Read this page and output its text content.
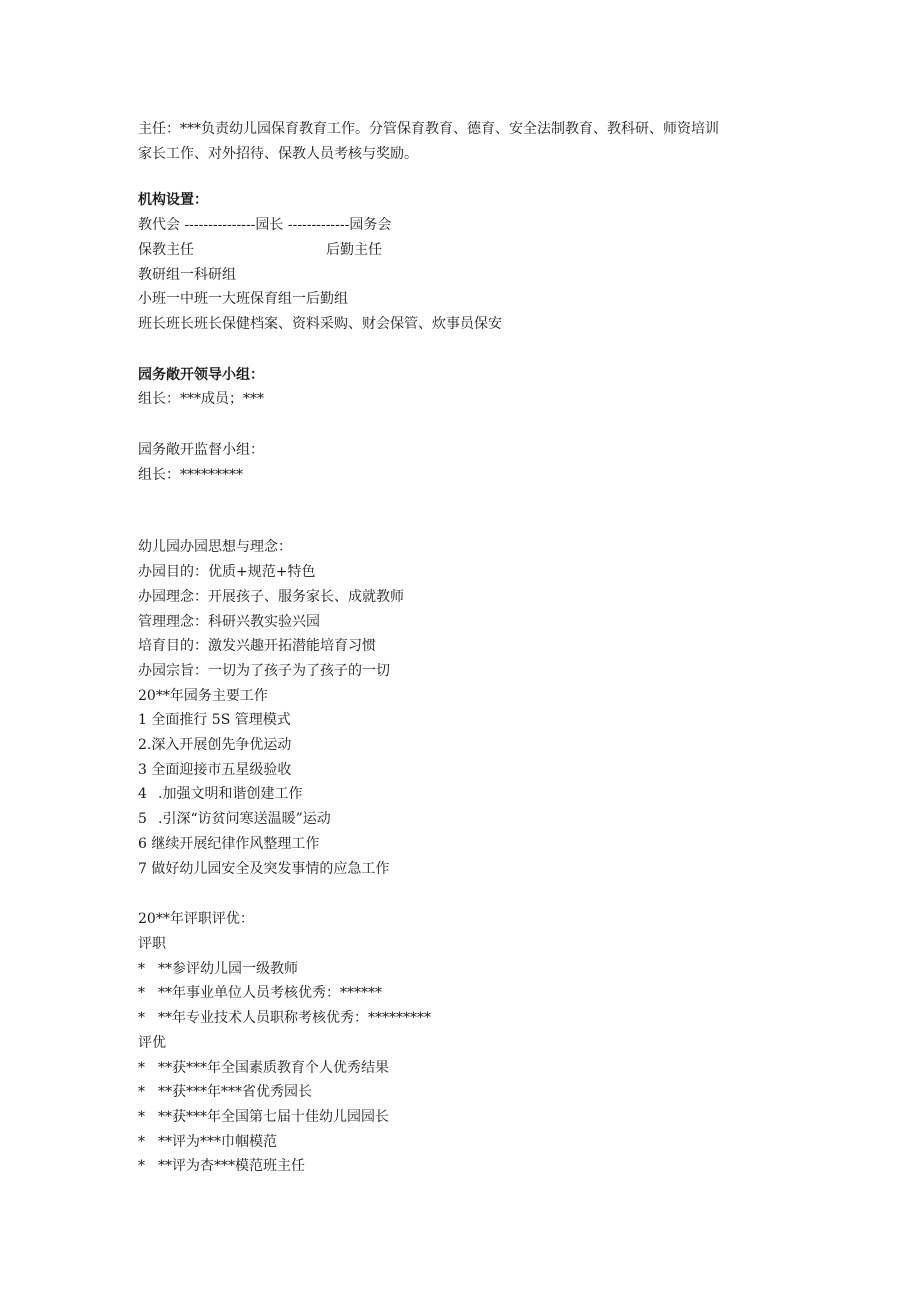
主任：***负责幼儿园保育教育工作。分管保育教育、德育、安全法制教育、教科研、师资培训
家长工作、对外招待、保教人员考核与奖励。
机构设置：
教代会 ---------------园长 -------------园务会
保教主任	后勤主任
教研组一科研组
小班一中班一大班保育组一后勤组
班长班长班长保健档案、资料采购、财会保管、炊事员保安
园务敞开领导小组：
组长：***成员；***
园务敞开监督小组：
组长：*********
幼儿园办园思想与理念：
办园目的：优质+规范+特色
办园理念：开展孩子、服务家长、成就教师
管理理念：科研兴教实验兴园
培育目的：激发兴趣开拓潜能培育习惯
办园宗旨：一切为了孩子为了孩子的一切
20**年园务主要工作
1 全面推行 5S 管理模式
2.深入开展创先争优运动
3 全面迎接市五星级验收
4 .加强文明和谐创建工作
5 .引深“访贫问寒送温暖”运动
6 继续开展纪律作风整理工作
7 做好幼儿园安全及突发事情的应急工作
20**年评职评优：
评职
* **参评幼儿园一级教师
* **年事业单位人员考核优秀：******
* **年专业技术人员职称考核优秀：*********
评优
* **获***年全国素质教育个人优秀结果
* **获***年***省优秀园长
* **获***年全国第七届十佳幼儿园园长
* **评为***巾帼模范
* **评为杏***模范班主任
